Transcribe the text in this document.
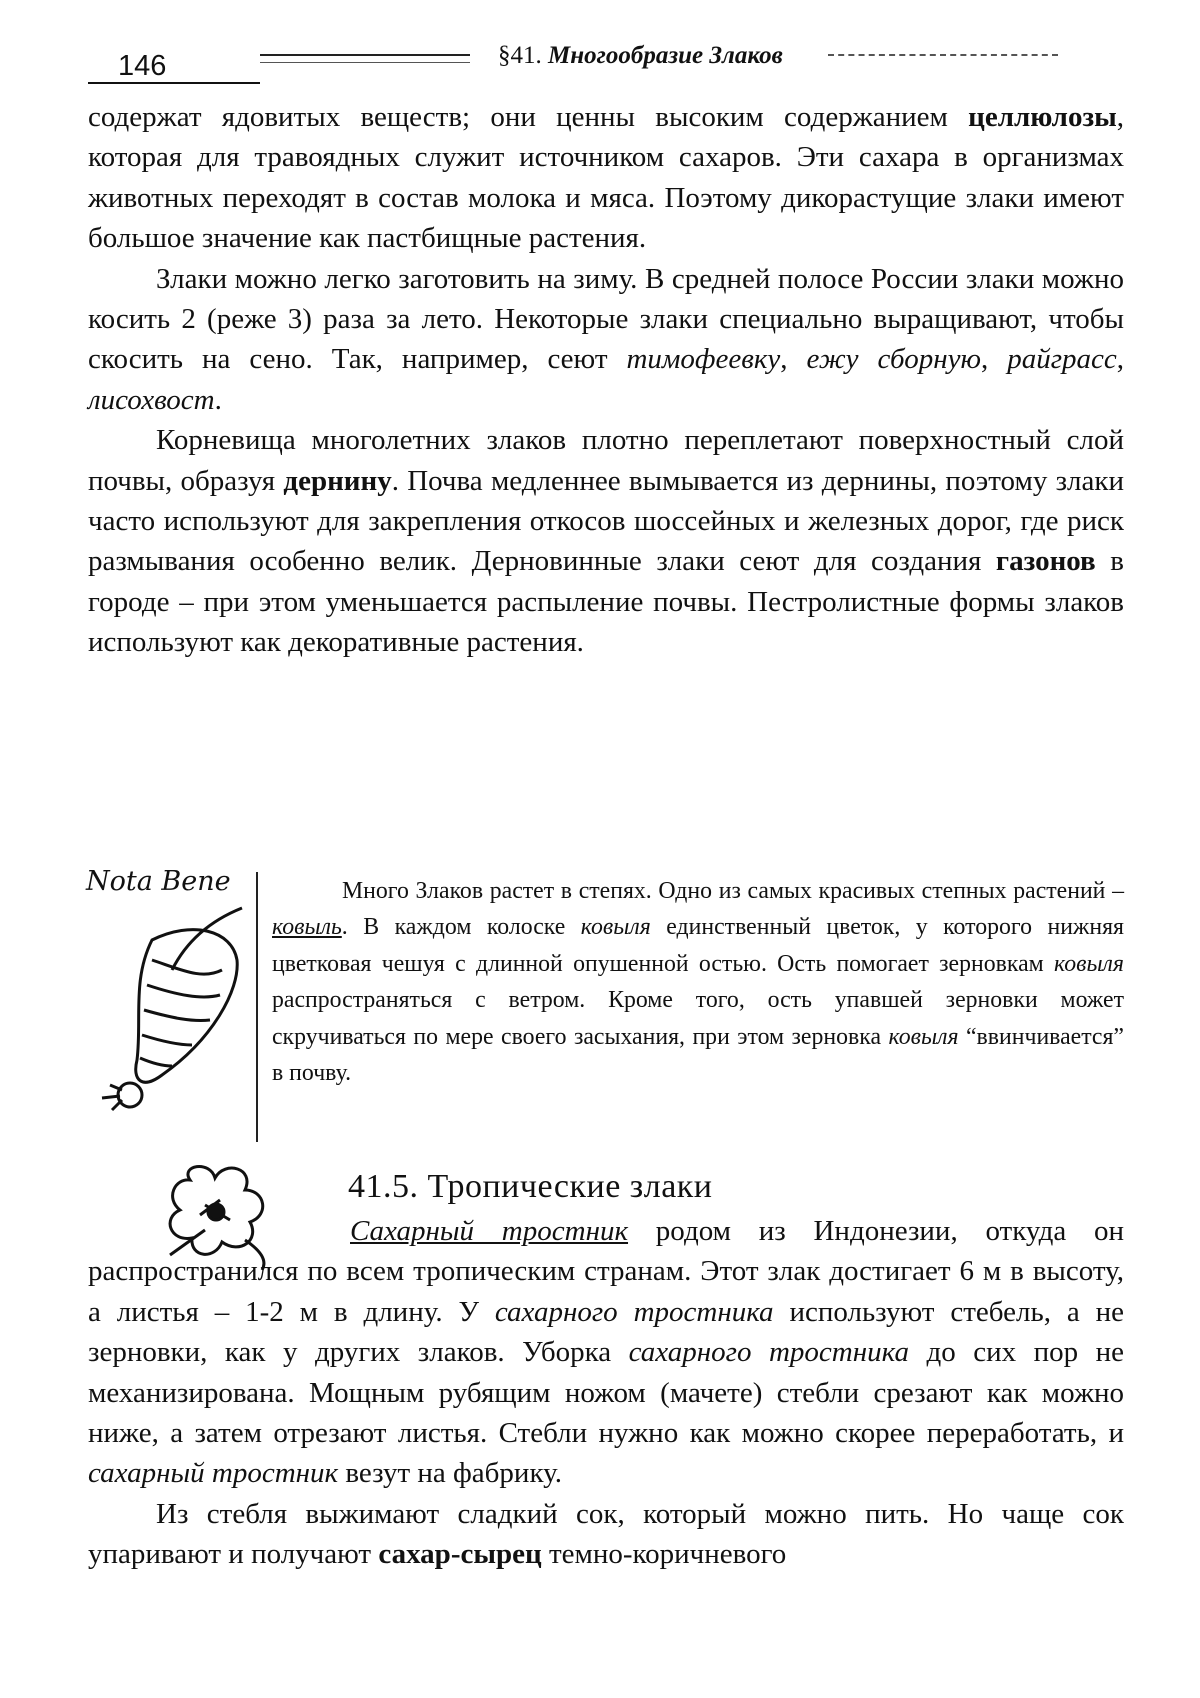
146	§41. Многообразие Злаков

содержат ядовитых веществ; они ценны высоким содержанием целлюлозы, которая для травоядных служит источником сахаров. Эти сахара в организмах животных переходят в состав молока и мяса. Поэтому дикорастущие злаки имеют большое значение как пастбищные растения.

Злаки можно легко заготовить на зиму. В средней полосе России злаки можно косить 2 (реже 3) раза за лето. Некоторые злаки специально выращивают, чтобы скосить на сено. Так, например, сеют тимофеевку, ежу сборную, райграсс, лисохвост.

Корневища многолетних злаков плотно переплетают поверхностный слой почвы, образуя дернину. Почва медленнее вымывается из дернины, поэтому злаки часто используют для закрепления откосов шоссейных и железных дорог, где риск размывания особенно велик. Дерновинные злаки сеют для создания газонов в городе – при этом уменьшается распыление почвы. Пестролистные формы злаков используют как декоративные растения.

Nota Bene	Много Злаков растет в степях. Одно из самых красивых степных растений – ковыль. В каждом колоске ковыля единственный цветок, у которого нижняя цветковая чешуя с длинной опушенной остью. Ость помогает зерновкам ковыля распространяться с ветром. Кроме того, ость упавшей зерновки может скручиваться по мере своего засыхания, при этом зерновка ковыля “ввинчивается” в почву.

41.5. Тропические злаки

Сахарный тростник родом из Индонезии, откуда он распространился по всем тропическим странам. Этот злак достигает 6 м в высоту, а листья – 1-2 м в длину. У сахарного тростника используют стебель, а не зерновки, как у других злаков. Уборка сахарного тростника до сих пор не механизирована. Мощным рубящим ножом (мачете) стебли срезают как можно ниже, а затем отрезают листья. Стебли нужно как можно скорее переработать, и сахарный тростник везут на фабрику.

Из стебля выжимают сладкий сок, который можно пить. Но чаще сок упаривают и получают сахар-сырец темно-коричневого
